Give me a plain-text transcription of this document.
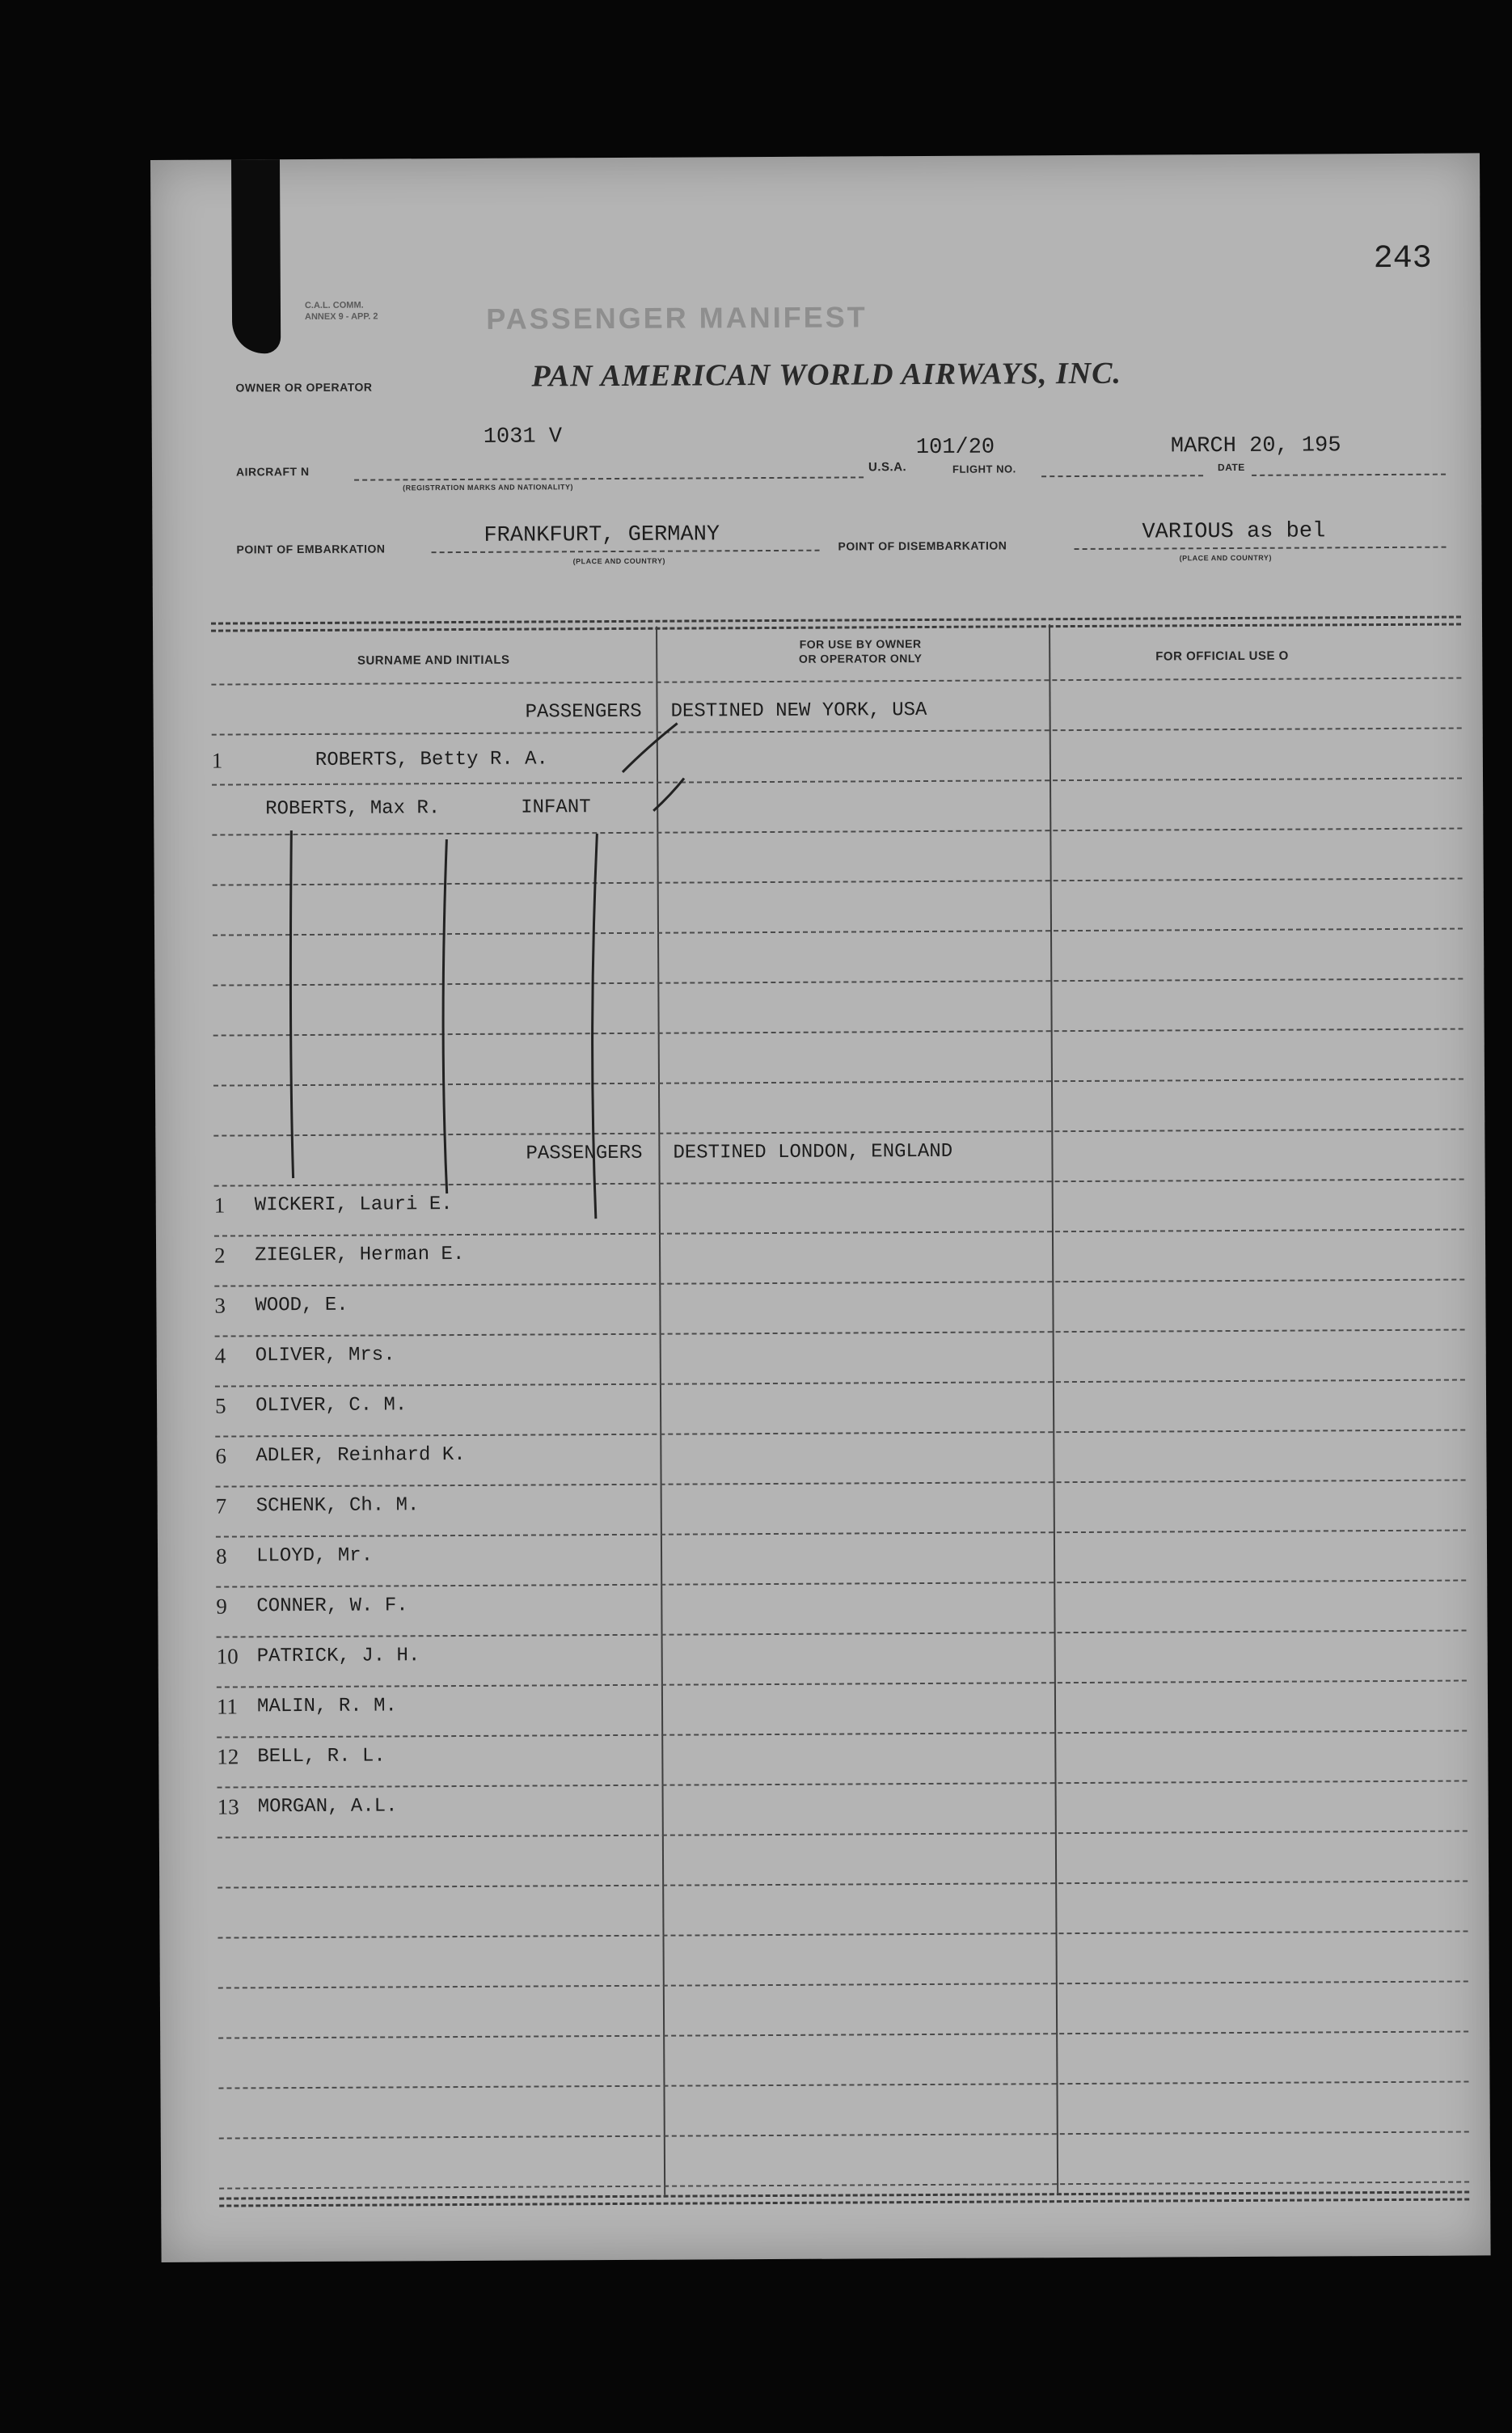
243
C.A.L. COMM.
ANNEX 9 - APP. 2	PASSENGER MANIFEST
OWNER OR OPERATOR	PAN AMERICAN WORLD AIRWAYS, INC.
AIRCRAFT N
1031 V
(REGISTRATION MARKS AND NATIONALITY)
U.S.A.	FLIGHT NO.
101/20
DATE
MARCH 20, 195
POINT OF EMBARKATION
FRANKFURT, GERMANY
(PLACE AND COUNTRY)
POINT OF DISEMBARKATION
VARIOUS as bel
(PLACE AND COUNTRY)
SURNAME AND INITIALS
FOR USE BY OWNER
OR OPERATOR ONLY	FOR OFFICIAL USE O
PASSENGERS DESTINED NEW YORK, USA
1	ROBERTS, Betty R. A.
ROBERTS, Max R.	INFANT
PASSENGERS DESTINED LONDON, ENGLAND
1	WICKERI, Lauri E.
2	ZIEGLER, Herman E.
3	WOOD, E.
4	OLIVER, Mrs.
5	OLIVER, C. M.
6	ADLER, Reinhard K.
7	SCHENK, Ch. M.
8	LLOYD, Mr.
9	CONNER, W. F.
10 PATRICK, J. H.
11 MALIN, R. M.
12 BELL, R. L.
13 MORGAN, A.L.
